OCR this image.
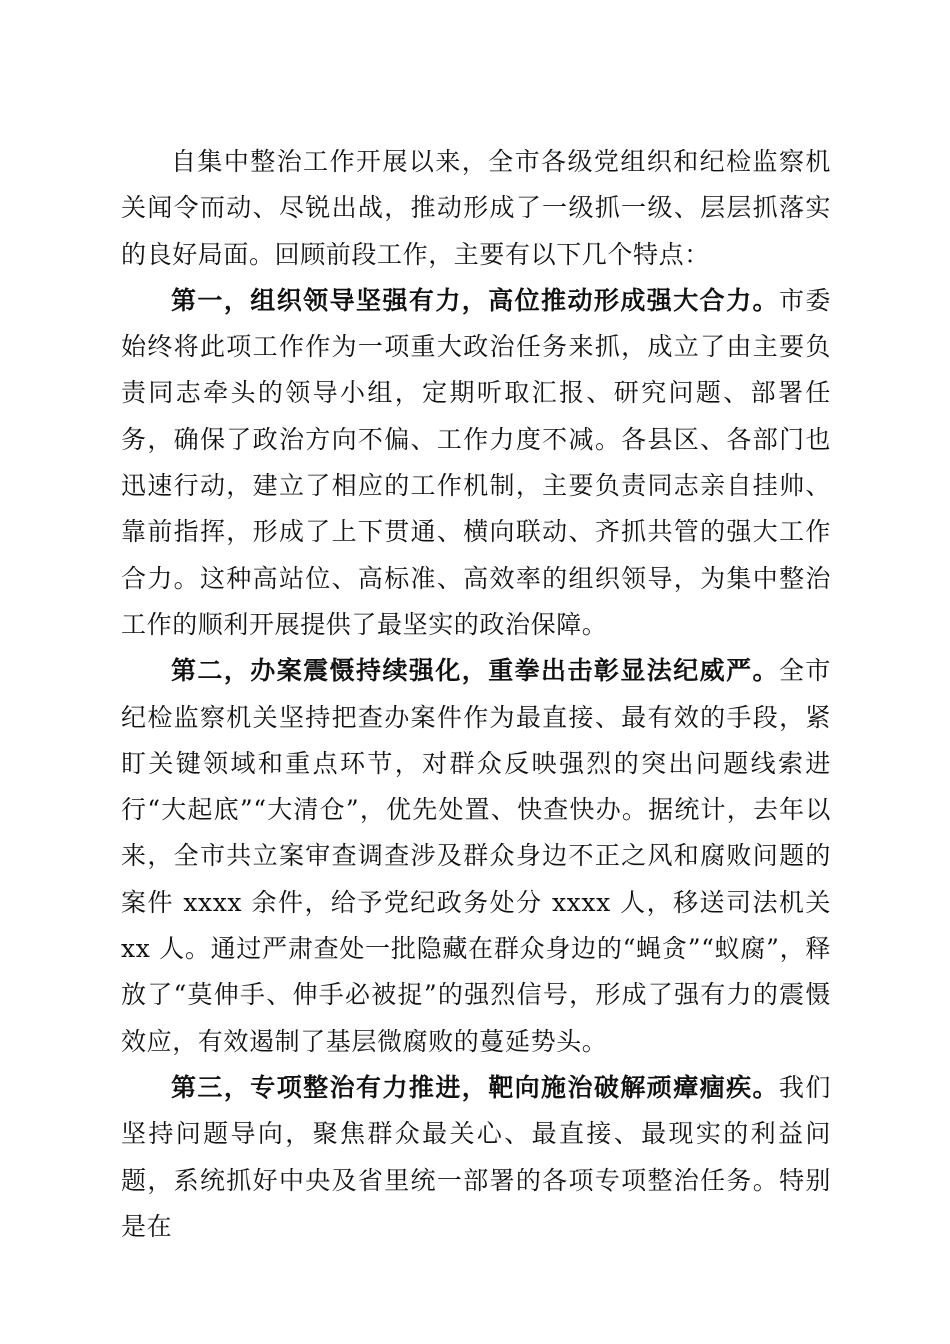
自集中整治工作开展以来，全市各级党组织和纪检监察机关闻令而动、尽锐出战，推动形成了一级抓一级、层层抓落实的良好局面。回顾前段工作，主要有以下几个特点：

第一，组织领导坚强有力，高位推动形成强大合力。市委始终将此项工作作为一项重大政治任务来抓，成立了由主要负责同志牵头的领导小组，定期听取汇报、研究问题、部署任务，确保了政治方向不偏、工作力度不减。各县区、各部门也迅速行动，建立了相应的工作机制，主要负责同志亲自挂帅、靠前指挥，形成了上下贯通、横向联动、齐抓共管的强大工作合力。这种高站位、高标准、高效率的组织领导，为集中整治工作的顺利开展提供了最坚实的政治保障。

第二，办案震慑持续强化，重拳出击彰显法纪威严。全市纪检监察机关坚持把查办案件作为最直接、最有效的手段，紧盯关键领域和重点环节，对群众反映强烈的突出问题线索进行“大起底”“大清仓”，优先处置、快查快办。据统计，去年以来，全市共立案审查调查涉及群众身边不正之风和腐败问题的案件 xxxx 余件，给予党纪政务处分 xxxx 人，移送司法机关 xx 人。通过严肃查处一批隐藏在群众身边的“蝇贪”“蚁腐”，释放了“莫伸手、伸手必被捉”的强烈信号，形成了强有力的震慑效应，有效遏制了基层微腐败的蔓延势头。

第三，专项整治有力推进，靶向施治破解顽瘴痼疾。我们坚持问题导向，聚焦群众最关心、最直接、最现实的利益问题，系统抓好中央及省里统一部署的各项专项整治任务。特别是在
